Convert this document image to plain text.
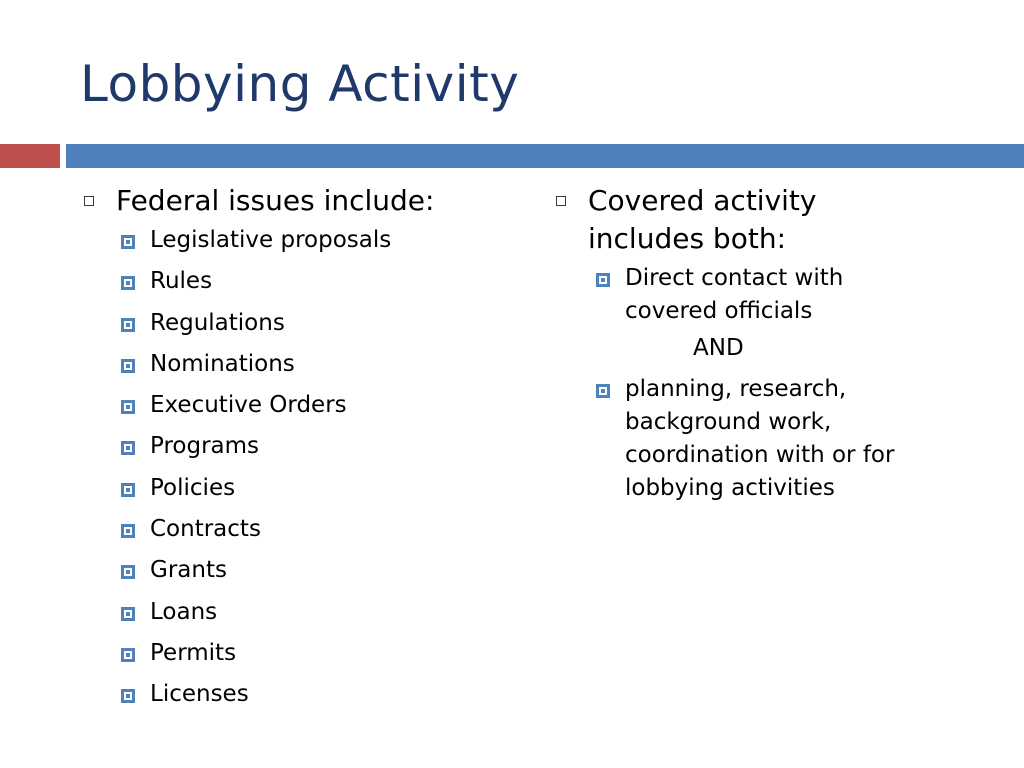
Lobbying Activity
Federal issues include:
Legislative proposals
Rules
Regulations
Nominations
Executive Orders
Programs
Policies
Contracts
Grants
Loans
Permits
Licenses
Covered activity
includes both:
Direct contact with
covered officials
AND
planning, research,
background work,
coordination with or for
lobbying activities
